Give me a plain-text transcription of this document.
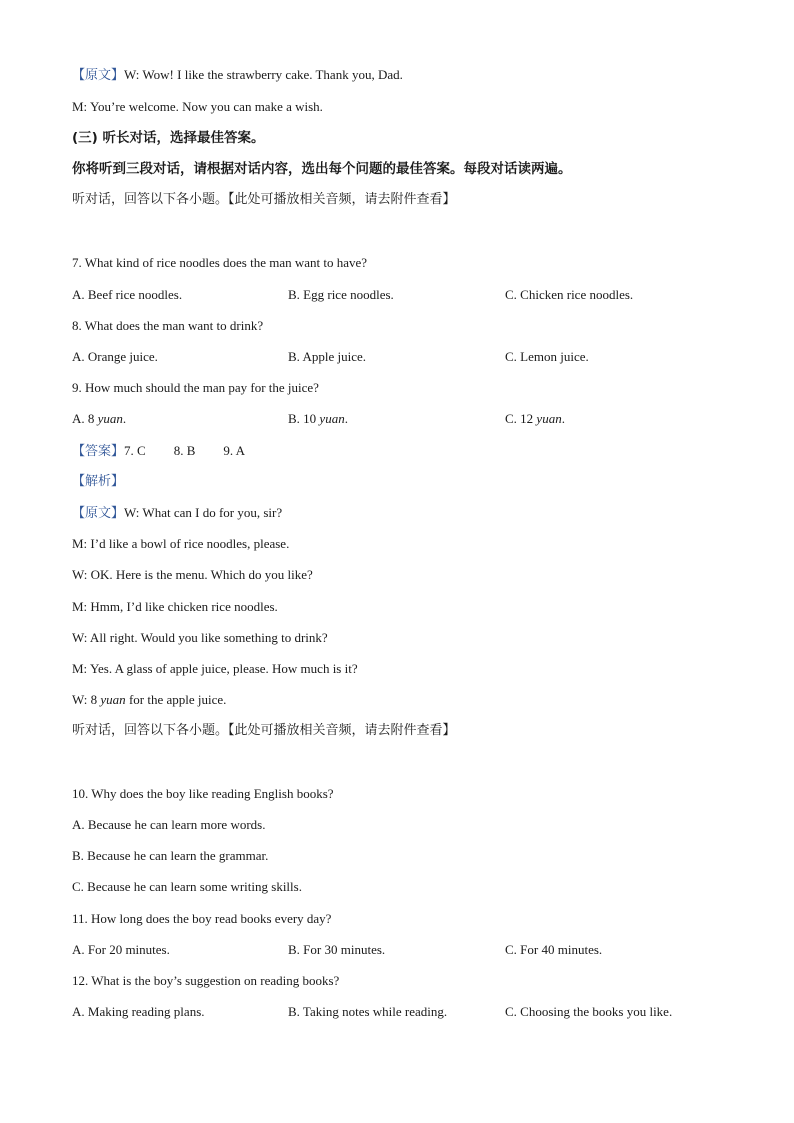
【原文】W: Wow! I like the strawberry cake. Thank you, Dad.
M: You’re welcome. Now you can make a wish.
(三) 听长对话，选择最佳答案。
你将听到三段对话，请根据对话内容，选出每个问题的最佳答案。每段对话读两遍。
听对话，回答以下各小题。【此处可播放相关音频，请去附件查看】
7. What kind of rice noodles does the man want to have?
A. Beef rice noodles.	B. Egg rice noodles.	C. Chicken rice noodles.
8. What does the man want to drink?
A. Orange juice.	B. Apple juice.	C. Lemon juice.
9. How much should the man pay for the juice?
A. 8 yuan.	B. 10 yuan.	C. 12 yuan.
【答案】7. C 8. B 9. A
【解析】
【原文】W: What can I do for you, sir?
M: I’d like a bowl of rice noodles, please.
W: OK. Here is the menu. Which do you like?
M: Hmm, I’d like chicken rice noodles.
W: All right. Would you like something to drink?
M: Yes. A glass of apple juice, please. How much is it?
W: 8 yuan for the apple juice.
听对话，回答以下各小题。【此处可播放相关音频，请去附件查看】
10. Why does the boy like reading English books?
A. Because he can learn more words.
B. Because he can learn the grammar.
C. Because he can learn some writing skills.
11. How long does the boy read books every day?
A. For 20 minutes.	B. For 30 minutes.	C. For 40 minutes.
12. What is the boy’s suggestion on reading books?
A. Making reading plans.	B. Taking notes while reading.	C. Choosing the books you like.
